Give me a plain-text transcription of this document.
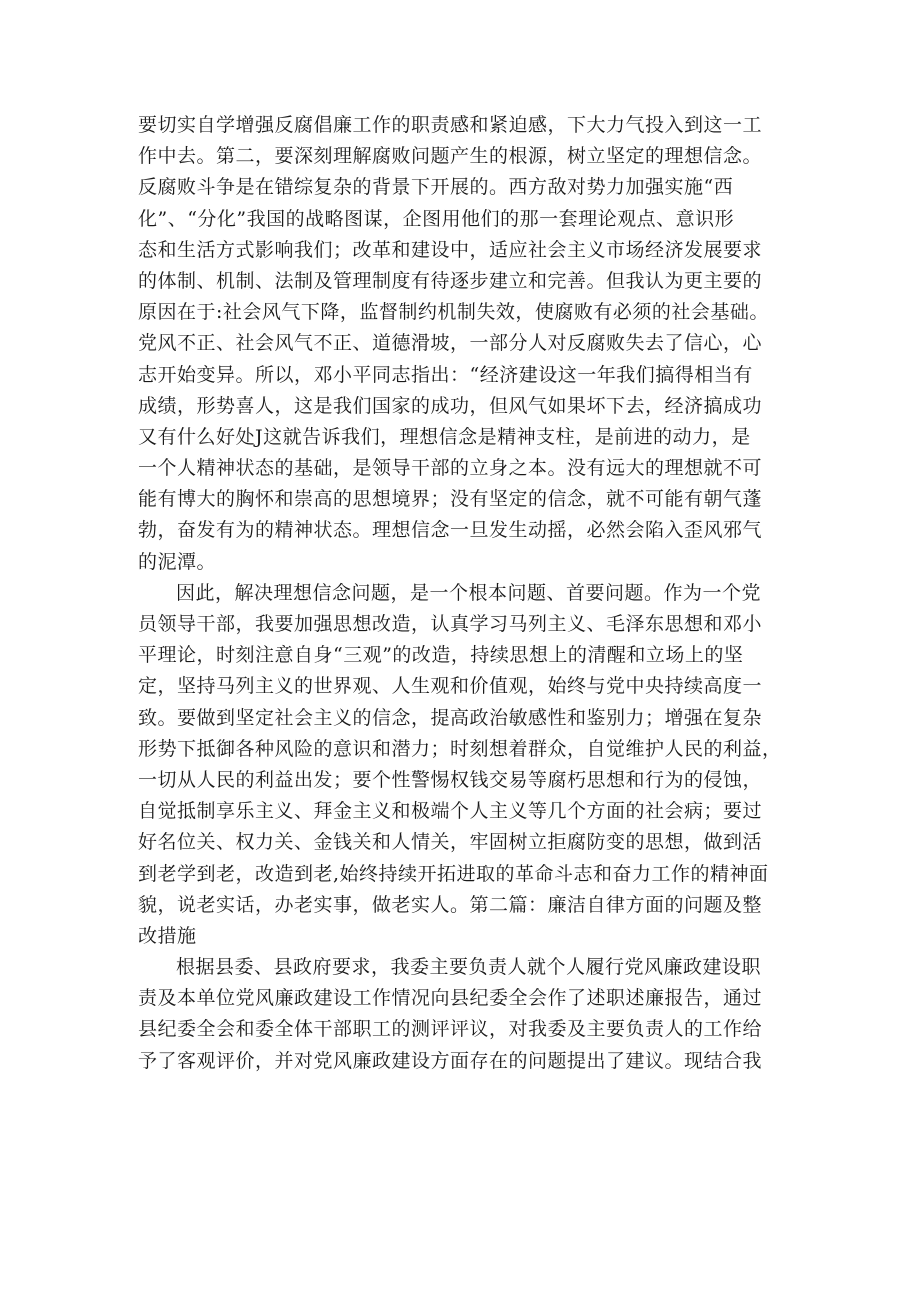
要切实自学增强反腐倡廉工作的职责感和紧迫感，下大力气投入到这一工
作中去。第二，要深刻理解腐败问题产生的根源，树立坚定的理想信念。
反腐败斗争是在错综复杂的背景下开展的。西方敌对势力加强实施“西
化”、“分化”我国的战略图谋，企图用他们的那一套理论观点、意识形
态和生活方式影响我们；改革和建设中，适应社会主义市场经济发展要求
的体制、机制、法制及管理制度有待逐步建立和完善。但我认为更主要的
原因在于:社会风气下降，监督制约机制失效，使腐败有必须的社会基础。
党风不正、社会风气不正、道德滑坡，一部分人对反腐败失去了信心，心
志开始变异。所以，邓小平同志指出：“经济建设这一年我们搞得相当有
成绩，形势喜人，这是我们国家的成功，但风气如果坏下去，经济搞成功
又有什么好处J这就告诉我们，理想信念是精神支柱，是前进的动力，是
一个人精神状态的基础，是领导干部的立身之本。没有远大的理想就不可
能有博大的胸怀和崇高的思想境界；没有坚定的信念，就不可能有朝气蓬
勃，奋发有为的精神状态。理想信念一旦发生动摇，必然会陷入歪风邪气
的泥潭。
因此，解决理想信念问题，是一个根本问题、首要问题。作为一个党
员领导干部，我要加强思想改造，认真学习马列主义、毛泽东思想和邓小
平理论，时刻注意自身“三观”的改造，持续思想上的清醒和立场上的坚
定，坚持马列主义的世界观、人生观和价值观，始终与党中央持续高度一
致。要做到坚定社会主义的信念，提高政治敏感性和鉴别力；增强在复杂
形势下抵御各种风险的意识和潜力；时刻想着群众，自觉维护人民的利益，
一切从人民的利益出发；要个性警惕权钱交易等腐朽思想和行为的侵蚀，
自觉抵制享乐主义、拜金主义和极端个人主义等几个方面的社会病；要过
好名位关、权力关、金钱关和人情关，牢固树立拒腐防变的思想，做到活
到老学到老，改造到老,始终持续开拓进取的革命斗志和奋力工作的精神面
貌，说老实话，办老实事，做老实人。第二篇：廉洁自律方面的问题及整
改措施
根据县委、县政府要求，我委主要负责人就个人履行党风廉政建设职
责及本单位党风廉政建设工作情况向县纪委全会作了述职述廉报告，通过
县纪委全会和委全体干部职工的测评评议，对我委及主要负责人的工作给
予了客观评价，并对党风廉政建设方面存在的问题提出了建议。现结合我
